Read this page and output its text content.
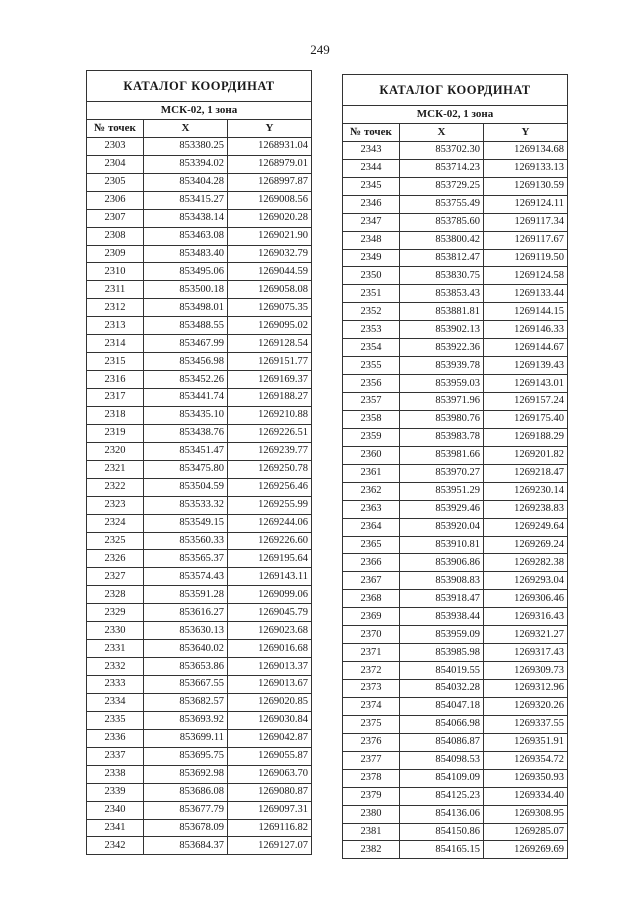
249
КАТАЛОГ КООРДИНАТ		
МСК-02, 1 зона		
№ точек	X	Y
2303	853380.25	1268931.04
2304	853394.02	1268979.01
2305	853404.28	1268997.87
2306	853415.27	1269008.56
2307	853438.14	1269020.28
2308	853463.08	1269021.90
2309	853483.40	1269032.79
2310	853495.06	1269044.59
2311	853500.18	1269058.08
2312	853498.01	1269075.35
2313	853488.55	1269095.02
2314	853467.99	1269128.54
2315	853456.98	1269151.77
2316	853452.26	1269169.37
2317	853441.74	1269188.27
2318	853435.10	1269210.88
2319	853438.76	1269226.51
2320	853451.47	1269239.77
2321	853475.80	1269250.78
2322	853504.59	1269256.46
2323	853533.32	1269255.99
2324	853549.15	1269244.06
2325	853560.33	1269226.60
2326	853565.37	1269195.64
2327	853574.43	1269143.11
2328	853591.28	1269099.06
2329	853616.27	1269045.79
2330	853630.13	1269023.68
2331	853640.02	1269016.68
2332	853653.86	1269013.37
2333	853667.55	1269013.67
2334	853682.57	1269020.85
2335	853693.92	1269030.84
2336	853699.11	1269042.87
2337	853695.75	1269055.87
2338	853692.98	1269063.70
2339	853686.08	1269080.87
2340	853677.79	1269097.31
2341	853678.09	1269116.82
2342	853684.37	1269127.07
КАТАЛОГ КООРДИНАТ		
МСК-02, 1 зона		
№ точек	X	Y
2343	853702.30	1269134.68
2344	853714.23	1269133.13
2345	853729.25	1269130.59
2346	853755.49	1269124.11
2347	853785.60	1269117.34
2348	853800.42	1269117.67
2349	853812.47	1269119.50
2350	853830.75	1269124.58
2351	853853.43	1269133.44
2352	853881.81	1269144.15
2353	853902.13	1269146.33
2354	853922.36	1269144.67
2355	853939.78	1269139.43
2356	853959.03	1269143.01
2357	853971.96	1269157.24
2358	853980.76	1269175.40
2359	853983.78	1269188.29
2360	853981.66	1269201.82
2361	853970.27	1269218.47
2362	853951.29	1269230.14
2363	853929.46	1269238.83
2364	853920.04	1269249.64
2365	853910.81	1269269.24
2366	853906.86	1269282.38
2367	853908.83	1269293.04
2368	853918.47	1269306.46
2369	853938.44	1269316.43
2370	853959.09	1269321.27
2371	853985.98	1269317.43
2372	854019.55	1269309.73
2373	854032.28	1269312.96
2374	854047.18	1269320.26
2375	854066.98	1269337.55
2376	854086.87	1269351.91
2377	854098.53	1269354.72
2378	854109.09	1269350.93
2379	854125.23	1269334.40
2380	854136.06	1269308.95
2381	854150.86	1269285.07
2382	854165.15	1269269.69
